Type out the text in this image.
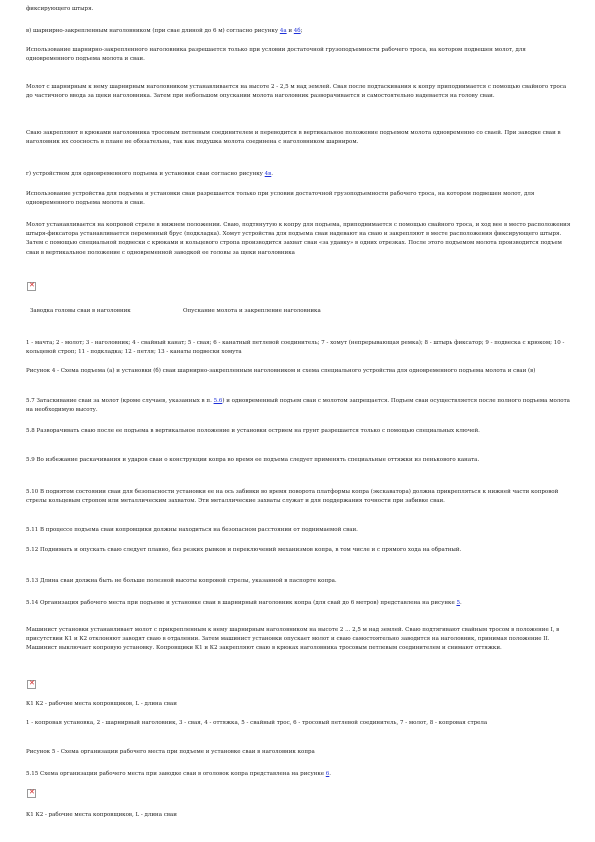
фиксирующего штыря.

в) шарнирно-закрепленным наголовником (при свае длиной до 6 м) согласно рисунку 4а и 4б;

Использование шарнирно-закрепленного наголовника разрешается только при условии достаточной грузоподъемности рабочего троса, на котором подвешен молот, для одновременного подъема молота и сваи.

Молот с шарнирным к нему шарнирным наголовником устанавливается на высоте 2 - 2,5 м над землей. Свая после подтаскивания к копру приподнимается с помощью свайного троса до частичного ввода за щеки наголовника. Затем при небольшом опускании молота наголовник разворачивается и самостоятельно надевается на голову сваи.

Сваю закрепляют в крюками наголовника тросовым петлевым соединителем и переводится в вертикальное положение подъемом молота одновременно со сваей. При заводке сваи в наголовник их соосность в плане не обязательна, так как подушка молота соединена с наголовником шарниром.

г) устройством для одновременного подъема и установки сваи согласно рисунку 4в.

Использование устройства для подъема и установки сваи разрешается только при условии достаточной грузоподъемности рабочего троса, на котором подвешен молот, для одновременного подъема молота и сваи.

Молот устанавливается на копровой стреле в нижнем положении. Сваю, подтянутую к копру для подъема, приподнимается с помощью свайного троса, и ход вее в место расположения штыря-фиксатора устанавливается переменный брус (подкладка). Хомут устройства для подъема сваи надевают на сваю и закрепляют в месте расположения фиксирующего штыря. Затем с помощью специальной подвески с крюками и кольцевого стропа производится захват сваи «за удавку» в одних отрезках. После этого подъемом молота производится подъем сваи в вертикальное положение с одновременной заводкой ее головы за щеки наголовника

✕

Заводка головы сваи в наголовник	Опускание молота и закрепление наголовника

1 - мачта; 2 - молот; 3 - наголовник; 4 - свайный канат; 5 - свая; 6 - канатный петлевой соединитель; 7 - хомут (непрерывающая ремка); 8 - штырь фиксатор; 9 - подвеска с крюком; 10 - кольцевой строп; 11 - подкладка; 12 - петля; 13 - канаты подвески хомута

Рисунок 4 - Схема подъема (а) и установки (б) сваи шарнирно-закрепленным наголовником и схема специального устройства для одновременного подъема молота и сваи (в)

5.7 Затаскивание сваи за молот (кроме случаев, указанных в п. 5.6) и одновременный подъем сваи с молотом запрещается. Подъем сваи осуществляется после полного подъема молота на необходимую высоту.

5.8 Разворачивать сваю после ее подъема в вертикальное положение и установки острием на грунт разрешается только с помощью специальных ключей.

5.9 Во избежание раскачивания и ударов сваи о конструкции копра во время ее подъема следует применять специальные оттяжки из пенькового каната.

5.10 В поднятом состоянии сваи для безопасности установки ее на ось забивки во время поворота платформы копра (экскаватора) должна прикрепляться к нижней части копровой стрелы кольцевым стропом или металлическим захватом. Эти металлические захваты служат и для поддержания точности при забивке сваи.

5.11 В процессе подъема сваи копровщики должны находиться на безопасном расстоянии от поднимаемой сваи.

5.12 Поднимать и опускать сваю следует плавно, без резких рывков и переключений механизмов копра, в том числе и с прямого хода на обратный.

5.13 Длина сваи должна быть не больше полезной высоты копровой стрелы, указанной в паспорте копра.

5.14 Организация рабочего места при подъеме и установке сваи в шарнирный наголовник копра (для свай до 6 метров) представлена на рисунке 5.

Машинист установки устанавливает молот с прикрепленным к нему шарнирным наголовником на высоте 2 ... 2,5 м над землей. Сваю подтягивают свайным тросом в положение I, в присутствии К1 и К2 отклоняют заводят сваю в отдалении. Затем машинист установки опускает молот и сваю самостоятельно заводится на наголовник, принимая положение II. Машинист выключает копровую установку. Копровщики К1 и К2 закрепляют сваю в крюках наголовника тросовым петлевым соединителем и снимают оттяжки.

✕

К1 К2 - рабочие места копровщиков, L - длина сваи

1 - копровая установка, 2 - шарнирный наголовник, 3 - свая, 4 - оттяжка, 5 - свайный трос, 6 - тросовый петлевой соединитель, 7 - молот, 8 - копровая стрела

Рисунок 5 - Схема организации рабочего места при подъеме и установке сваи в наголовник копра

5.15 Схема организации рабочего места при заводке сваи в оголовок копра представлена на рисунке 6.

✕

К1 К2 - рабочие места копровщиков, L - длина сваи
